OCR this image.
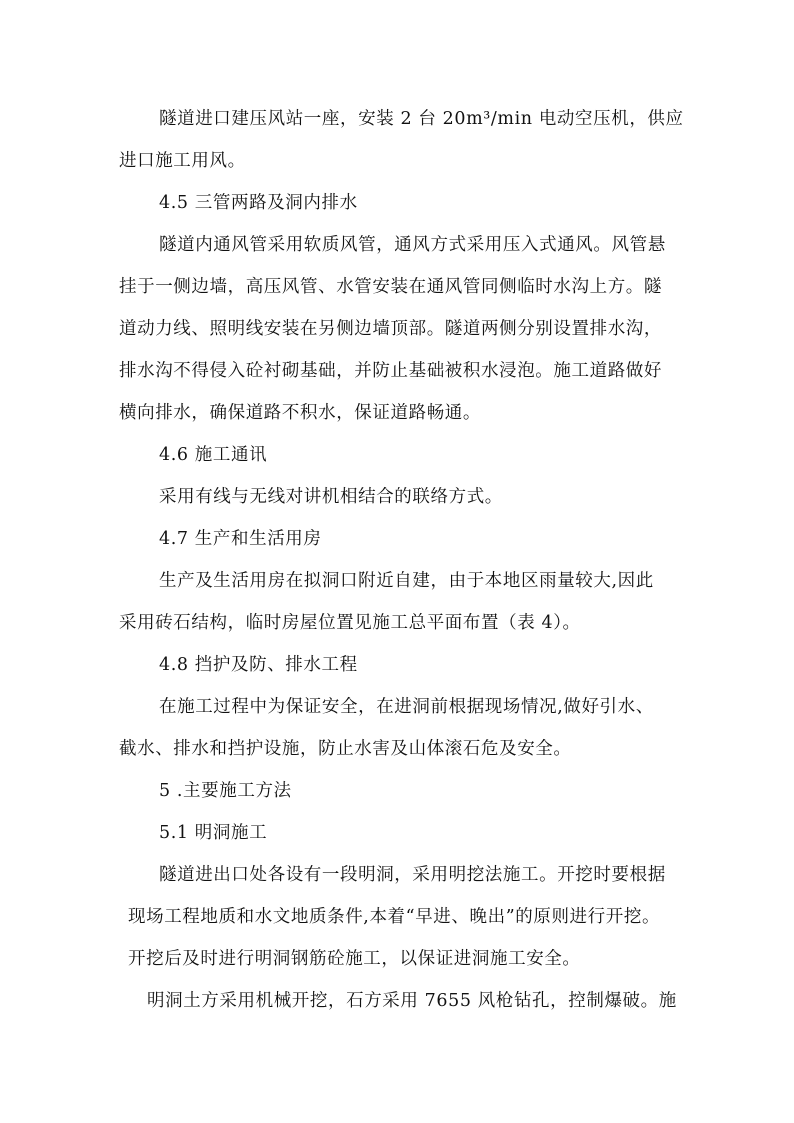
隧道进口建压风站一座，安装 2 台 20m³/min 电动空压机，供应
进口施工用风。
4.5 三管两路及洞内排水
隧道内通风管采用软质风管，通风方式采用压入式通风。风管悬
挂于一侧边墙，高压风管、水管安装在通风管同侧临时水沟上方。隧
道动力线、照明线安装在另侧边墙顶部。隧道两侧分别设置排水沟，
排水沟不得侵入砼衬砌基础，并防止基础被积水浸泡。施工道路做好
横向排水，确保道路不积水，保证道路畅通。
4.6 施工通讯
采用有线与无线对讲机相结合的联络方式。
4.7 生产和生活用房
生产及生活用房在拟洞口附近自建，由于本地区雨量较大,因此
采用砖石结构，临时房屋位置见施工总平面布置（表 4）。
4.8 挡护及防、排水工程
在施工过程中为保证安全，在进洞前根据现场情况,做好引水、
截水、排水和挡护设施，防止水害及山体滚石危及安全。
5 .主要施工方法
5.1 明洞施工
隧道进出口处各设有一段明洞，采用明挖法施工。开挖时要根据
现场工程地质和水文地质条件,本着“早进、晚出”的原则进行开挖。
开挖后及时进行明洞钢筋砼施工，以保证进洞施工安全。
明洞土方采用机械开挖，石方采用 7655 风枪钻孔，控制爆破。施
